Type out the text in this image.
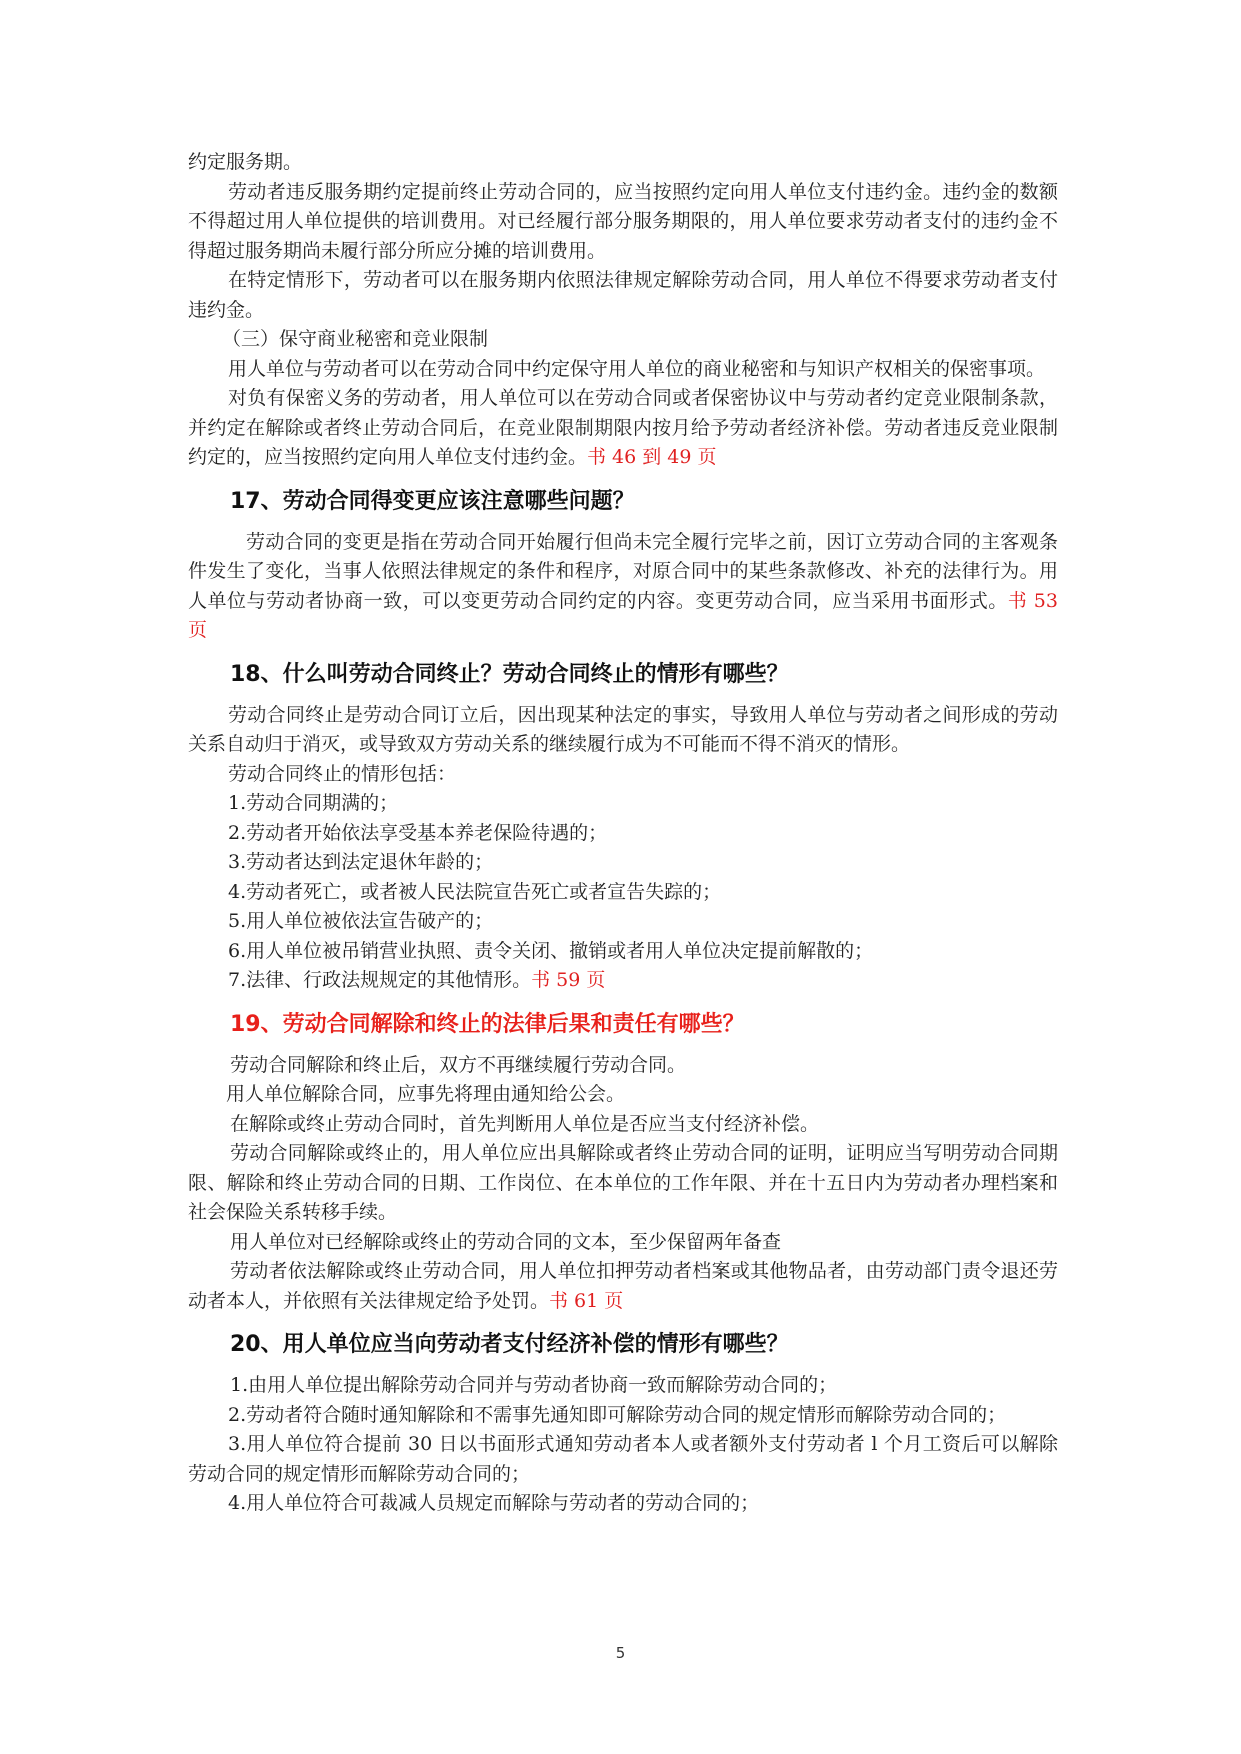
约定服务期。

劳动者违反服务期约定提前终止劳动合同的，应当按照约定向用人单位支付违约金。违约金的数额不得超过用人单位提供的培训费用。对已经履行部分服务期限的，用人单位要求劳动者支付的违约金不得超过服务期尚未履行部分所应分摊的培训费用。

在特定情形下，劳动者可以在服务期内依照法律规定解除劳动合同，用人单位不得要求劳动者支付违约金。

（三）保守商业秘密和竞业限制

用人单位与劳动者可以在劳动合同中约定保守用人单位的商业秘密和与知识产权相关的保密事项。

对负有保密义务的劳动者，用人单位可以在劳动合同或者保密协议中与劳动者约定竞业限制条款，并约定在解除或者终止劳动合同后，在竞业限制期限内按月给予劳动者经济补偿。劳动者违反竞业限制约定的，应当按照约定向用人单位支付违约金。书 46 到 49 页

17、劳动合同得变更应该注意哪些问题？

劳动合同的变更是指在劳动合同开始履行但尚未完全履行完毕之前，因订立劳动合同的主客观条件发生了变化，当事人依照法律规定的条件和程序，对原合同中的某些条款修改、补充的法律行为。用人单位与劳动者协商一致，可以变更劳动合同约定的内容。变更劳动合同，应当采用书面形式。书 53 页

18、什么叫劳动合同终止？劳动合同终止的情形有哪些？

劳动合同终止是劳动合同订立后，因出现某种法定的事实，导致用人单位与劳动者之间形成的劳动关系自动归于消灭，或导致双方劳动关系的继续履行成为不可能而不得不消灭的情形。

劳动合同终止的情形包括：

1.劳动合同期满的；

2.劳动者开始依法享受基本养老保险待遇的；

3.劳动者达到法定退休年龄的；

4.劳动者死亡，或者被人民法院宣告死亡或者宣告失踪的；

5.用人单位被依法宣告破产的；

6.用人单位被吊销营业执照、责令关闭、撤销或者用人单位决定提前解散的；

7.法律、行政法规规定的其他情形。书 59 页

19、劳动合同解除和终止的法律后果和责任有哪些？

劳动合同解除和终止后，双方不再继续履行劳动合同。

用人单位解除合同，应事先将理由通知给公会。

在解除或终止劳动合同时，首先判断用人单位是否应当支付经济补偿。

劳动合同解除或终止的，用人单位应出具解除或者终止劳动合同的证明，证明应当写明劳动合同期限、解除和终止劳动合同的日期、工作岗位、在本单位的工作年限、并在十五日内为劳动者办理档案和社会保险关系转移手续。

用人单位对已经解除或终止的劳动合同的文本，至少保留两年备查

劳动者依法解除或终止劳动合同，用人单位扣押劳动者档案或其他物品者，由劳动部门责令退还劳动者本人，并依照有关法律规定给予处罚。书 61 页

20、用人单位应当向劳动者支付经济补偿的情形有哪些？

1.由用人单位提出解除劳动合同并与劳动者协商一致而解除劳动合同的；

2.劳动者符合随时通知解除和不需事先通知即可解除劳动合同的规定情形而解除劳动合同的；

3.用人单位符合提前 30 日以书面形式通知劳动者本人或者额外支付劳动者 l 个月工资后可以解除劳动合同的规定情形而解除劳动合同的；

4.用人单位符合可裁减人员规定而解除与劳动者的劳动合同的；

5
